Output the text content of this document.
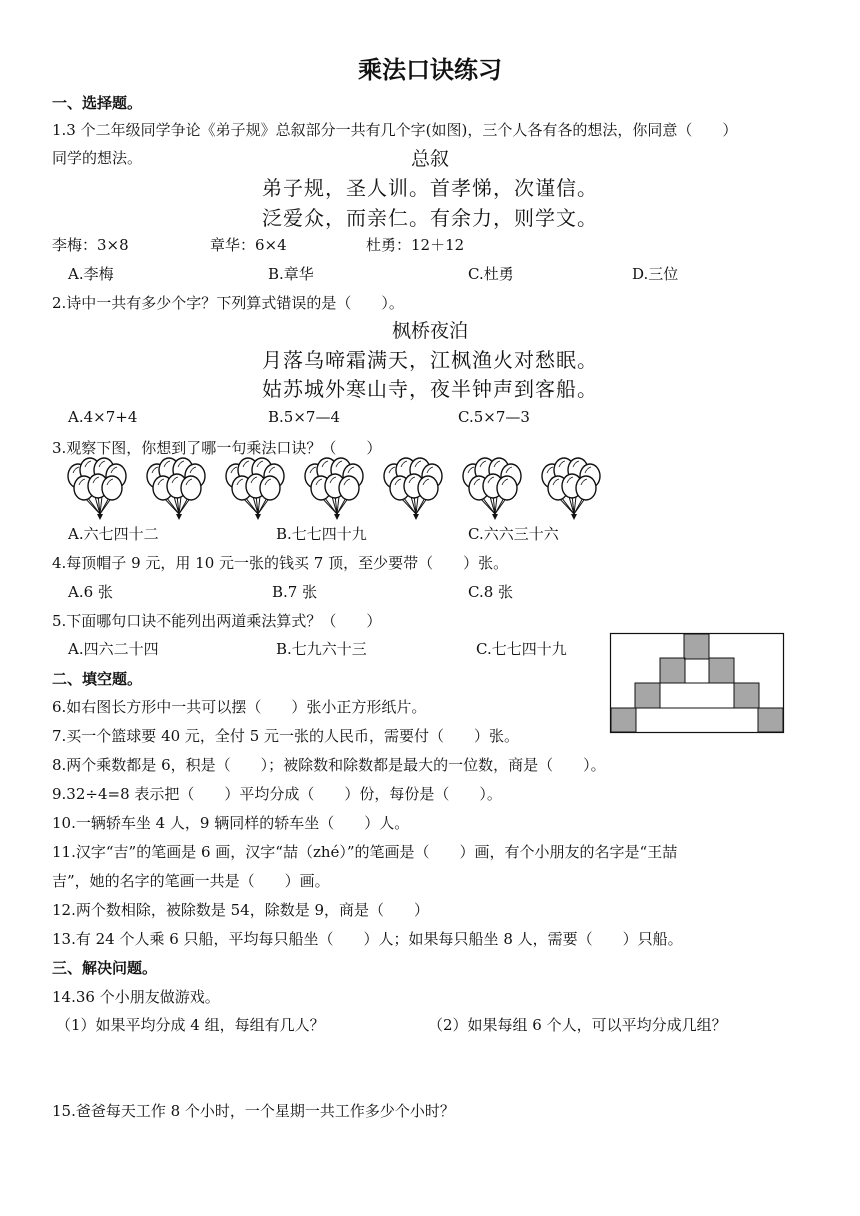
乘法口诀练习
一、选择题。
1.3 个二年级同学争论《弟子规》总叙部分一共有几个字(如图)，三个人各有各的想法，你同意（　　）
同学的想法。	总叙
弟子规，圣人训。首孝悌，次谨信。
泛爱众，而亲仁。有余力，则学文。
李梅：3×8	章华：6×4	杜勇：12＋12
A.李梅	B.章华	C.杜勇	D.三位
2.诗中一共有多少个字？下列算式错误的是（　　）。
枫桥夜泊
月落乌啼霜满天，江枫渔火对愁眠。
姑苏城外寒山寺，夜半钟声到客船。
A.4×7+4	B.5×7—4	C.5×7—3
3.观察下图，你想到了哪一句乘法口诀？（　　）
A.六七四十二	B.七七四十九	C.六六三十六
4.每顶帽子 9 元，用 10 元一张的钱买 7 顶，至少要带（　　）张。
A.6 张	B.7 张	C.8 张
5.下面哪句口诀不能列出两道乘法算式？（　　）
A.四六二十四	B.七九六十三	C.七七四十九
二、填空题。
6.如右图长方形中一共可以摆（　　）张小正方形纸片。
7.买一个篮球要 40 元，全付 5 元一张的人民币，需要付（　　）张。
8.两个乘数都是 6，积是（　　）；被除数和除数都是最大的一位数，商是（　　）。
9.32÷4=8 表示把（　　）平均分成（　　）份，每份是（　　）。
10.一辆轿车坐 4 人，9 辆同样的轿车坐（　　）人。
11.汉字“吉”的笔画是 6 画，汉字“喆（zhé）”的笔画是（　　）画，有个小朋友的名字是“王喆
吉”，她的名字的笔画一共是（　　）画。
12.两个数相除，被除数是 54，除数是 9，商是（　　）
13.有 24 个人乘 6 只船，平均每只船坐（　　）人；如果每只船坐 8 人，需要（　　）只船。
三、解决问题。
14.36 个小朋友做游戏。
（1）如果平均分成 4 组，每组有几人？	（2）如果每组 6 个人，可以平均分成几组？
15.爸爸每天工作 8 个小时，一个星期一共工作多少个小时？
